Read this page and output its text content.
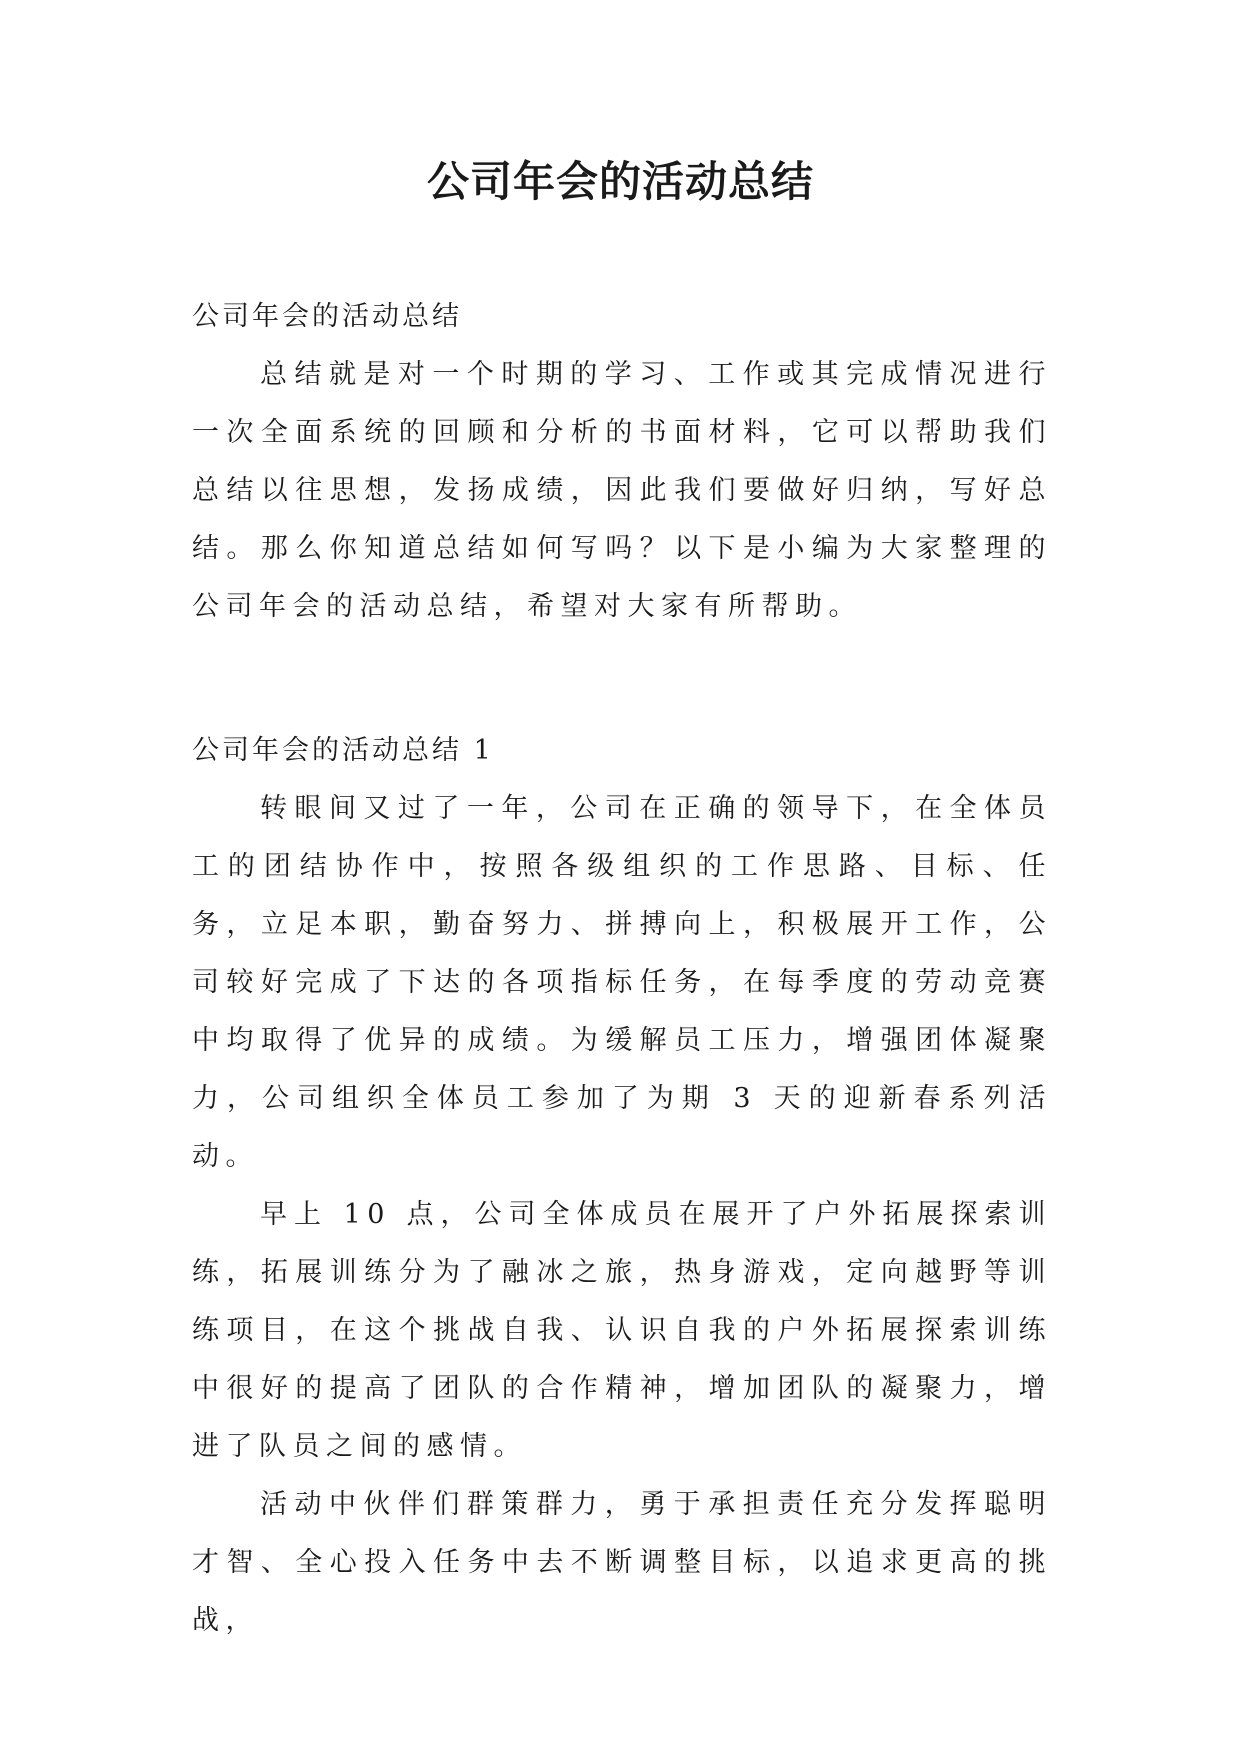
公司年会的活动总结

公司年会的活动总结

总结就是对一个时期的学习、工作或其完成情况进行一次全面系统的回顾和分析的书面材料，它可以帮助我们总结以往思想，发扬成绩，因此我们要做好归纳，写好总结。那么你知道总结如何写吗？以下是小编为大家整理的公司年会的活动总结，希望对大家有所帮助。

公司年会的活动总结 1

转眼间又过了一年，公司在正确的领导下，在全体员工的团结协作中，按照各级组织的工作思路、目标、任务，立足本职，勤奋努力、拼搏向上，积极展开工作，公司较好完成了下达的各项指标任务，在每季度的劳动竞赛中均取得了优异的成绩。为缓解员工压力，增强团体凝聚力，公司组织全体员工参加了为期 3 天的迎新春系列活动。

早上 10 点，公司全体成员在展开了户外拓展探索训练，拓展训练分为了融冰之旅，热身游戏，定向越野等训练项目，在这个挑战自我、认识自我的户外拓展探索训练中很好的提高了团队的合作精神，增加团队的凝聚力，增进了队员之间的感情。

活动中伙伴们群策群力，勇于承担责任充分发挥聪明才智、全心投入任务中去不断调整目标，以追求更高的挑战，
